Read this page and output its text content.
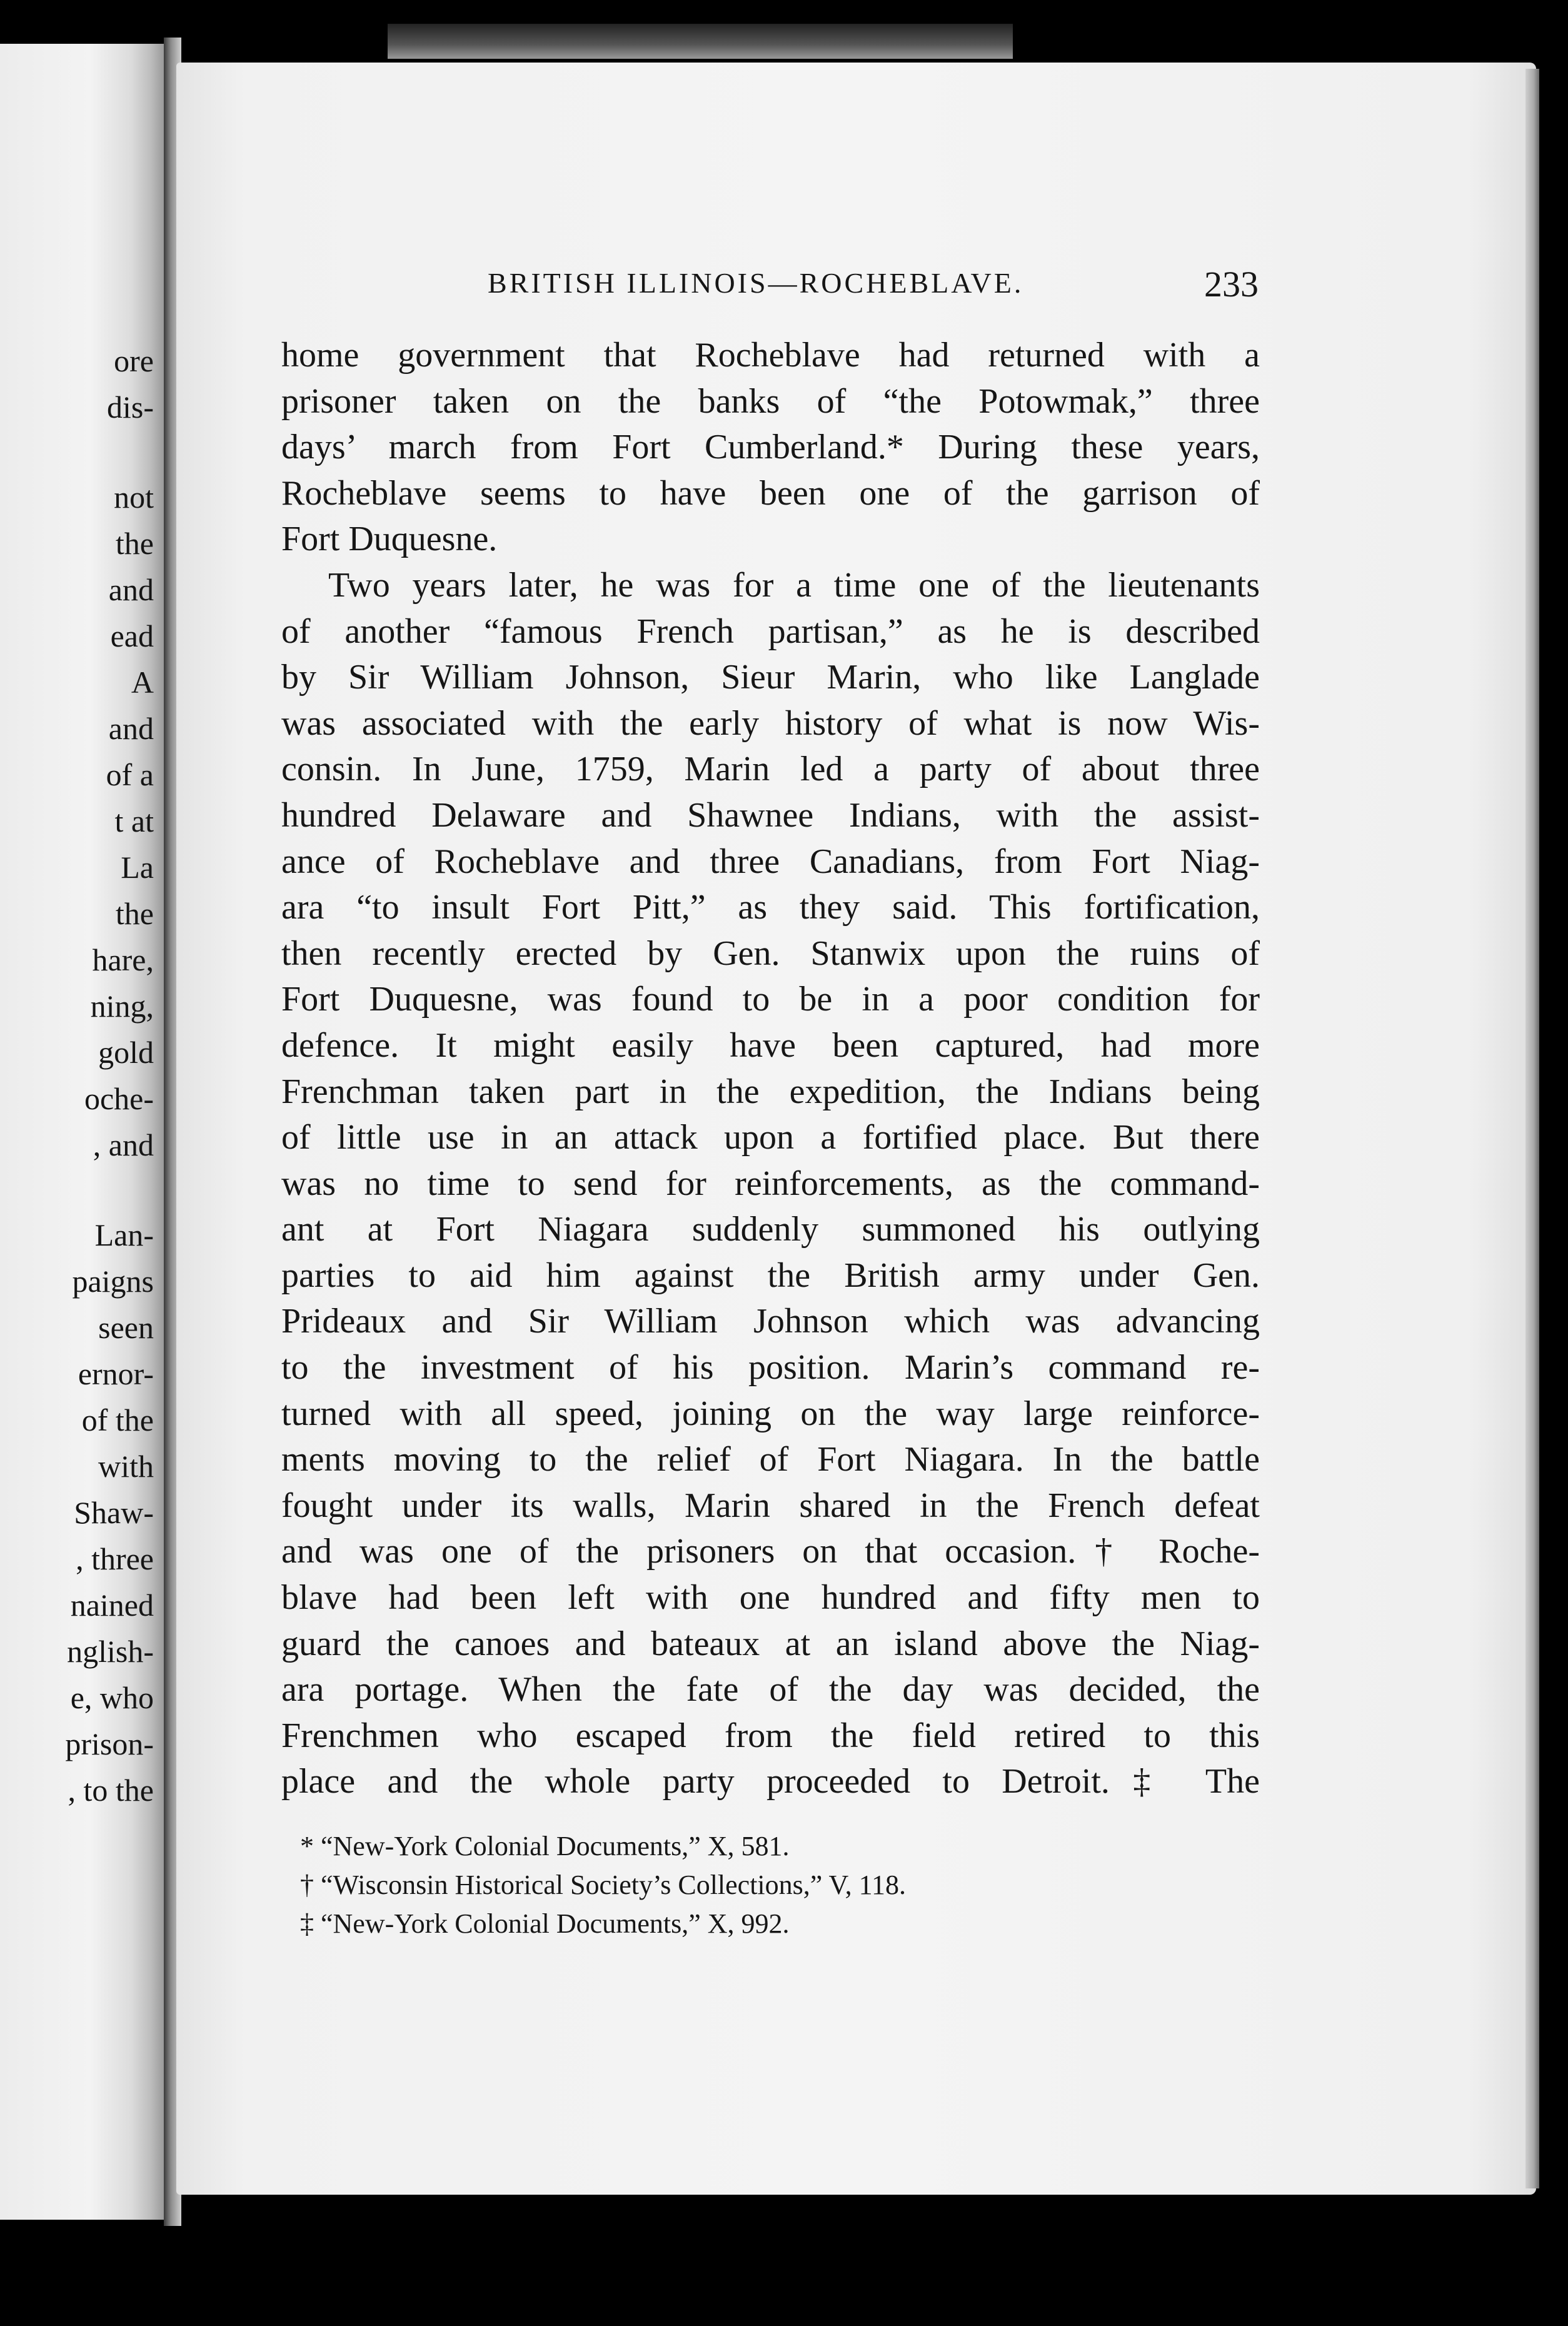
ore
dis-
not
the
and
ead
A
and
of a
t at
La
the
hare,
ning,
gold
oche-
, and
Lan-
paigns
seen
ernor-
of the
with
Shaw-
, three
nained
nglish-
e, who
prison-
, to the
BRITISH ILLINOIS—ROCHEBLAVE.	233
home government that Rocheblave had returned with a
prisoner taken on the banks of “the Potowmak,” three
days’ march from Fort Cumberland.* During these years,
Rocheblave seems to have been one of the garrison of
Fort Duquesne.
Two years later, he was for a time one of the lieutenants
of another “famous French partisan,” as he is described
by Sir William Johnson, Sieur Marin, who like Langlade
was associated with the early history of what is now Wis-
consin. In June, 1759, Marin led a party of about three
hundred Delaware and Shawnee Indians, with the assist-
ance of Rocheblave and three Canadians, from Fort Niag-
ara “to insult Fort Pitt,” as they said. This fortification,
then recently erected by Gen. Stanwix upon the ruins of
Fort Duquesne, was found to be in a poor condition for
defence. It might easily have been captured, had more
Frenchman taken part in the expedition, the Indians being
of little use in an attack upon a fortified place. But there
was no time to send for reinforcements, as the command-
ant at Fort Niagara suddenly summoned his outlying
parties to aid him against the British army under Gen.
Prideaux and Sir William Johnson which was advancing
to the investment of his position. Marin’s command re-
turned with all speed, joining on the way large reinforce-
ments moving to the relief of Fort Niagara. In the battle
fought under its walls, Marin shared in the French defeat
and was one of the prisoners on that occasion.† Roche-
blave had been left with one hundred and fifty men to
guard the canoes and bateaux at an island above the Niag-
ara portage. When the fate of the day was decided, the
Frenchmen who escaped from the field retired to this
place and the whole party proceeded to Detroit.‡ The
* “New-York Colonial Documents,” X, 581.
† “Wisconsin Historical Society’s Collections,” V, 118.
‡ “New-York Colonial Documents,” X, 992.
